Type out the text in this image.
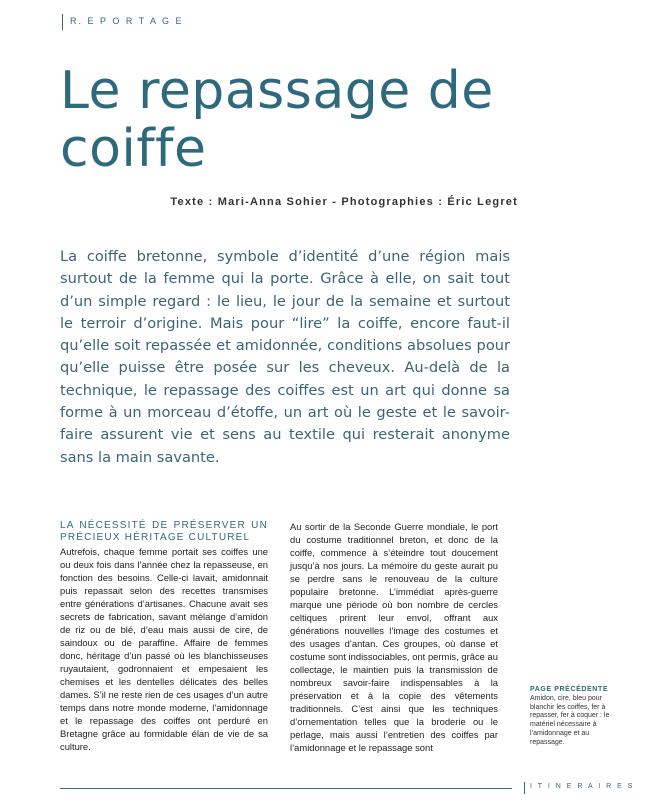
R. E P O R T A G E
Le repassage de coiffe
Texte : Mari-Anna Sohier - Photographies : Éric Legret

La coiffe bretonne, symbole d’identité d’une région mais surtout de la femme qui la porte. Grâce à elle, on sait tout d’un simple regard : le lieu, le jour de la semaine et surtout le terroir d’origine. Mais pour “lire” la coiffe, encore faut-il qu’elle soit repassée et amidonnée, conditions absolues pour qu’elle puisse être posée sur les cheveux. Au-delà de la technique, le repassage des coiffes est un art qui donne sa forme à un morceau d’étoffe, un art où le geste et le savoir-faire assurent vie et sens au textile qui resterait anonyme sans la main savante.

LA NÉCESSITÉ DE PRÉSERVER UN PRÉCIEUX HÉRITAGE CULTUREL

Autrefois, chaque femme portait ses coiffes une ou deux fois dans l’année chez la repasseuse, en fonction des besoins. Celle-ci lavait, amidonnait puis repassait selon des recettes transmises entre générations d’artisanes. Chacune avait ses secrets de fabrication, savant mélange d’amidon de riz ou de blé, d’eau mais aussi de cire, de saindoux ou de paraffine. Affaire de femmes donc, héritage d’un passé où les blanchisseuses ruyautaient, godronnaient et empesaient les chemises et les dentelles délicates des belles dames. S’il ne reste rien de ces usages d’un autre temps dans notre monde moderne, l’amidonnage et le repassage des coiffes ont perduré en Bretagne grâce au formidable élan de vie de sa culture.

Au sortir de la Seconde Guerre mondiale, le port du costume traditionnel breton, et donc de la coiffe, commence à s’éteindre tout doucement jusqu’à nos jours. La mémoire du geste aurait pu se perdre sans le renouveau de la culture populaire bretonne. L’immédiat après-guerre marque une période où bon nombre de cercles celtiques prirent leur envol, offrant aux générations nouvelles l’image des costumes et des usages d’antan. Ces groupes, où danse et costume sont indissociables, ont permis, grâce au collectage, le maintien puis la transmission de nombreux savoir-faire indispensables à la préservation et à la copie des vêtements traditionnels. C’est ainsi que les techniques d’ornementation telles que la broderie ou le perlage, mais aussi l’entretien des coiffes par l’amidonnage et le repassage sont

PAGE PRÉCÉDENTE
Amidon, cire, bleu pour blanchir les coiffes, fer à repasser, fer à coquer : le matériel nécessaire à l’amidonnage et au repassage.
I T I N E R A I R E S
